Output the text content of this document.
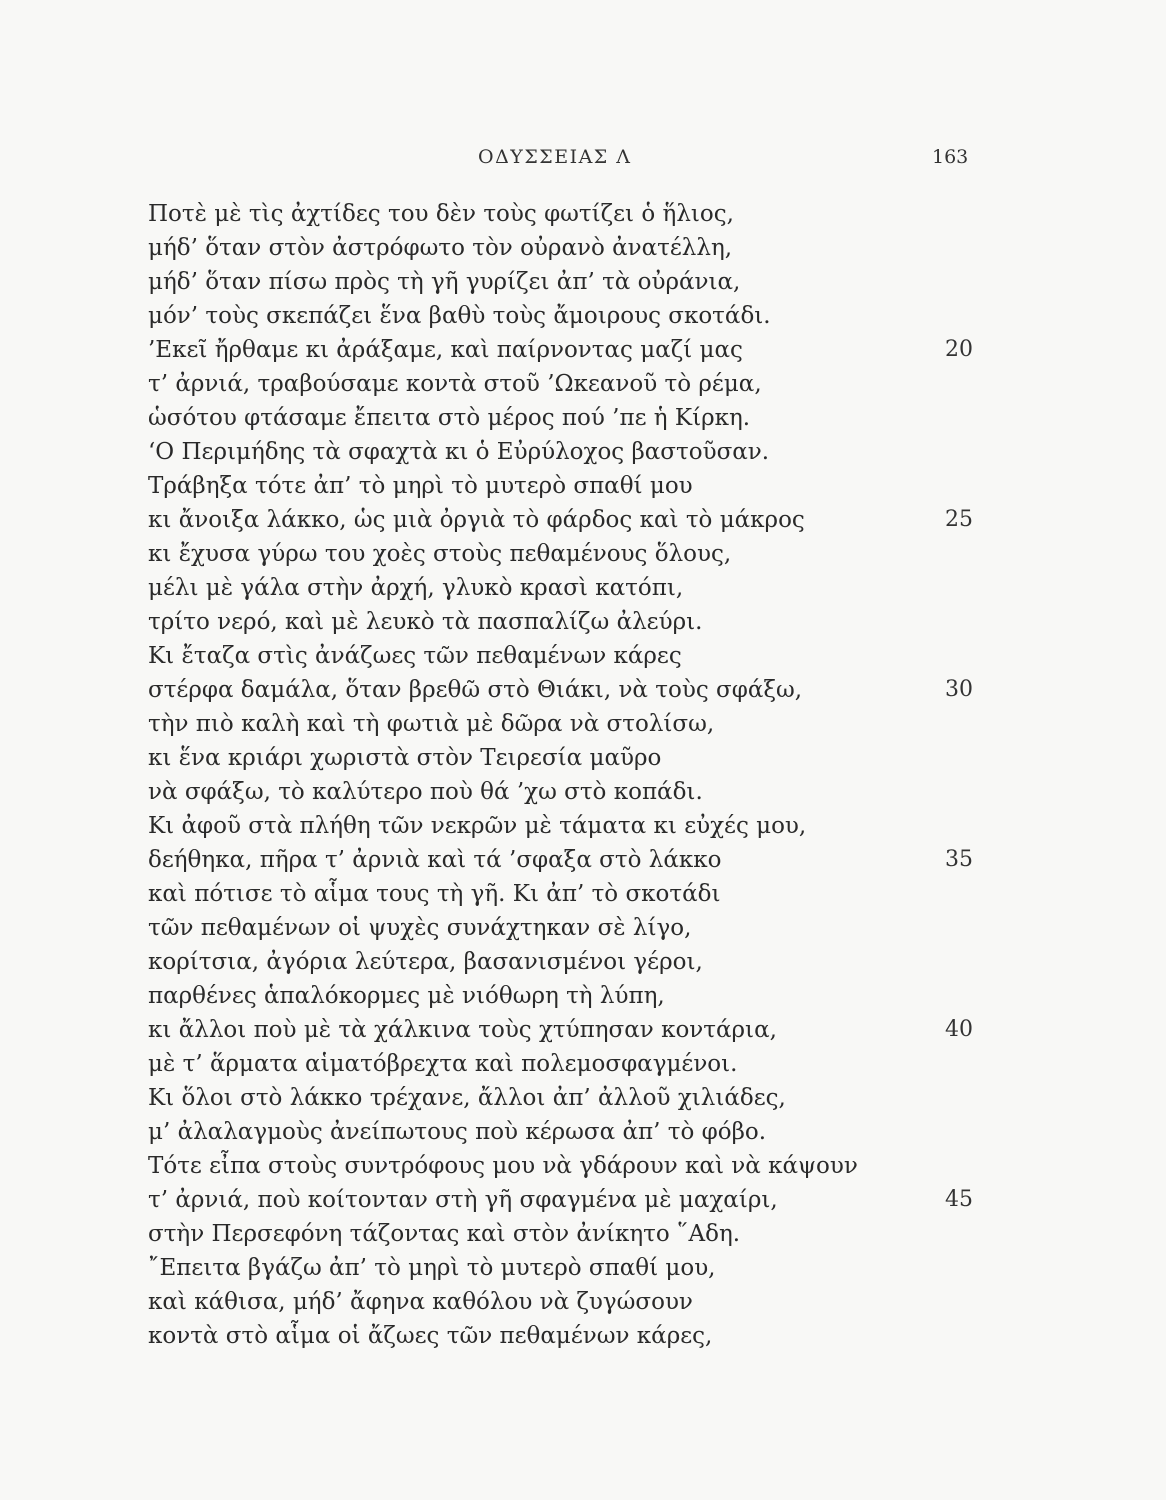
ΟΔΥΣΣΕΙΑΣ Λ	163
Ποτὲ μὲ τὶς ἀχτίδες του δὲν τοὺς φωτίζει ὁ ἥλιος,
μήδ’ ὅταν στὸν ἀστρόφωτο τὸν οὐρανὸ ἀνατέλλη,
μήδ’ ὅταν πίσω πρὸς τὴ γῆ γυρίζει ἀπ’ τὰ οὐράνια,
μόν’ τοὺς σκεπάζει ἕνα βαθὺ τοὺς ἄμοιρους σκοτάδι.
’Εκεῖ ἤρθαμε κι ἀράξαμε, καὶ παίρνοντας μαζί μας	20
τ’ ἀρνιά, τραβούσαμε κοντὰ στοῦ ’Ωκεανοῦ τὸ ρέμα,
ὡσότου φτάσαμε ἔπειτα στὸ μέρος πού ’πε ἡ Κίρκη.
‘Ο Περιμήδης τὰ σφαχτὰ κι ὁ Εὐρύλοχος βαστοῦσαν.
Τράβηξα τότε ἀπ’ τὸ μηρὶ τὸ μυτερὸ σπαθί μου
κι ἄνοιξα λάκκο, ὡς μιὰ ὀργιὰ τὸ φάρδος καὶ τὸ μάκρος	25
κι ἔχυσα γύρω του χοὲς στοὺς πεθαμένους ὅλους,
μέλι μὲ γάλα στὴν ἀρχή, γλυκὸ κρασὶ κατόπι,
τρίτο νερό, καὶ μὲ λευκὸ τὰ πασπαλίζω ἀλεύρι.
Κι ἔταζα στὶς ἀνάζωες τῶν πεθαμένων κάρες
στέρφα δαμάλα, ὅταν βρεθῶ στὸ Θιάκι, νὰ τοὺς σφάξω,	30
τὴν πιὸ καλὴ καὶ τὴ φωτιὰ μὲ δῶρα νὰ στολίσω,
κι ἕνα κριάρι χωριστὰ στὸν Τειρεσία μαῦρο
νὰ σφάξω, τὸ καλύτερο ποὺ θά ’χω στὸ κοπάδι.
Κι ἀφοῦ στὰ πλήθη τῶν νεκρῶν μὲ τάματα κι εὐχές μου,
δεήθηκα, πῆρα τ’ ἀρνιὰ καὶ τά ’σφαξα στὸ λάκκο	35
καὶ πότισε τὸ αἷμα τους τὴ γῆ. Κι ἀπ’ τὸ σκοτάδι
τῶν πεθαμένων οἱ ψυχὲς συνάχτηκαν σὲ λίγο,
κορίτσια, ἀγόρια λεύτερα, βασανισμένοι γέροι,
παρθένες ἁπαλόκορμες μὲ νιόθωρη τὴ λύπη,
κι ἄλλοι ποὺ μὲ τὰ χάλκινα τοὺς χτύπησαν κοντάρια,	40
μὲ τ’ ἅρματα αἱματόβρεχτα καὶ πολεμοσφαγμένοι.
Κι ὅλοι στὸ λάκκο τρέχανε, ἄλλοι ἀπ’ ἀλλοῦ χιλιάδες,
μ’ ἀλαλαγμοὺς ἀνείπωτους ποὺ κέρωσα ἀπ’ τὸ φόβο.
Τότε εἶπα στοὺς συντρόφους μου νὰ γδάρουν καὶ νὰ κάψουν
τ’ ἀρνιά, ποὺ κοίτονταν στὴ γῆ σφαγμένα μὲ μαχαίρι,	45
στὴν Περσεφόνη τάζοντας καὶ στὸν ἀνίκητο ῞Αδη.
῎Επειτα βγάζω ἀπ’ τὸ μηρὶ τὸ μυτερὸ σπαθί μου,
καὶ κάθισα, μήδ’ ἄφηνα καθόλου νὰ ζυγώσουν
κοντὰ στὸ αἷμα οἱ ἄζωες τῶν πεθαμένων κάρες,
